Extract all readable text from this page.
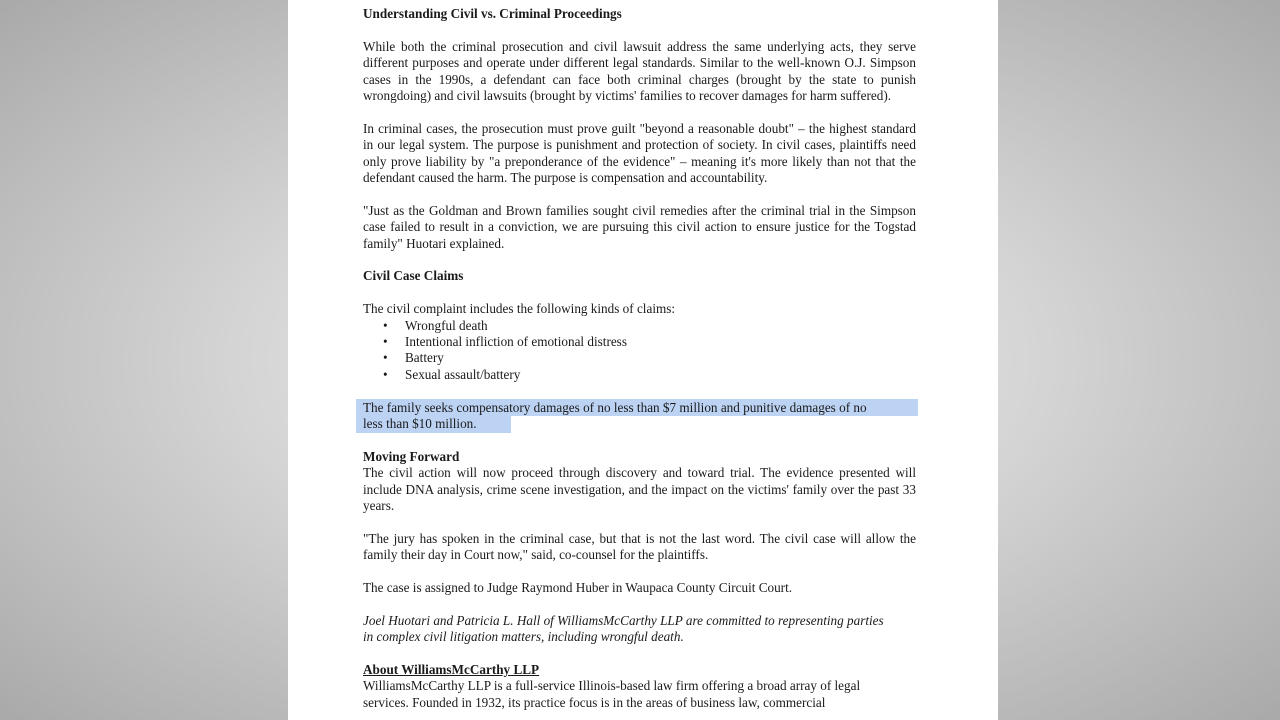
Understanding Civil vs. Criminal Proceedings

While both the criminal prosecution and civil lawsuit address the same underlying acts, they serve different purposes and operate under different legal standards. Similar to the well-known O.J. Simpson cases in the 1990s, a defendant can face both criminal charges (brought by the state to punish wrongdoing) and civil lawsuits (brought by victims' families to recover damages for harm suffered).

In criminal cases, the prosecution must prove guilt "beyond a reasonable doubt" – the highest standard in our legal system. The purpose is punishment and protection of society. In civil cases, plaintiffs need only prove liability by "a preponderance of the evidence" – meaning it's more likely than not that the defendant caused the harm. The purpose is compensation and accountability.

"Just as the Goldman and Brown families sought civil remedies after the criminal trial in the Simpson case failed to result in a conviction, we are pursuing this civil action to ensure justice for the Togstad family" Huotari explained.

Civil Case Claims

The civil complaint includes the following kinds of claims:

• Wrongful death
• Intentional infliction of emotional distress
• Battery
• Sexual assault/battery
The family seeks compensatory damages of no less than $7 million and punitive damages of no
less than $10 million.
Moving Forward

The civil action will now proceed through discovery and toward trial. The evidence presented will include DNA analysis, crime scene investigation, and the impact on the victims' family over the past 33 years.

"The jury has spoken in the criminal case, but that is not the last word. The civil case will allow the family their day in Court now," said, co-counsel for the plaintiffs.

The case is assigned to Judge Raymond Huber in Waupaca County Circuit Court.

Joel Huotari and Patricia L. Hall of WilliamsMcCarthy LLP are committed to representing parties
in complex civil litigation matters, including wrongful death.
About WilliamsMcCarthy LLP
WilliamsMcCarthy LLP is a full-service Illinois-based law firm offering a broad array of legal
services. Founded in 1932, its practice focus is in the areas of business law, commercial
